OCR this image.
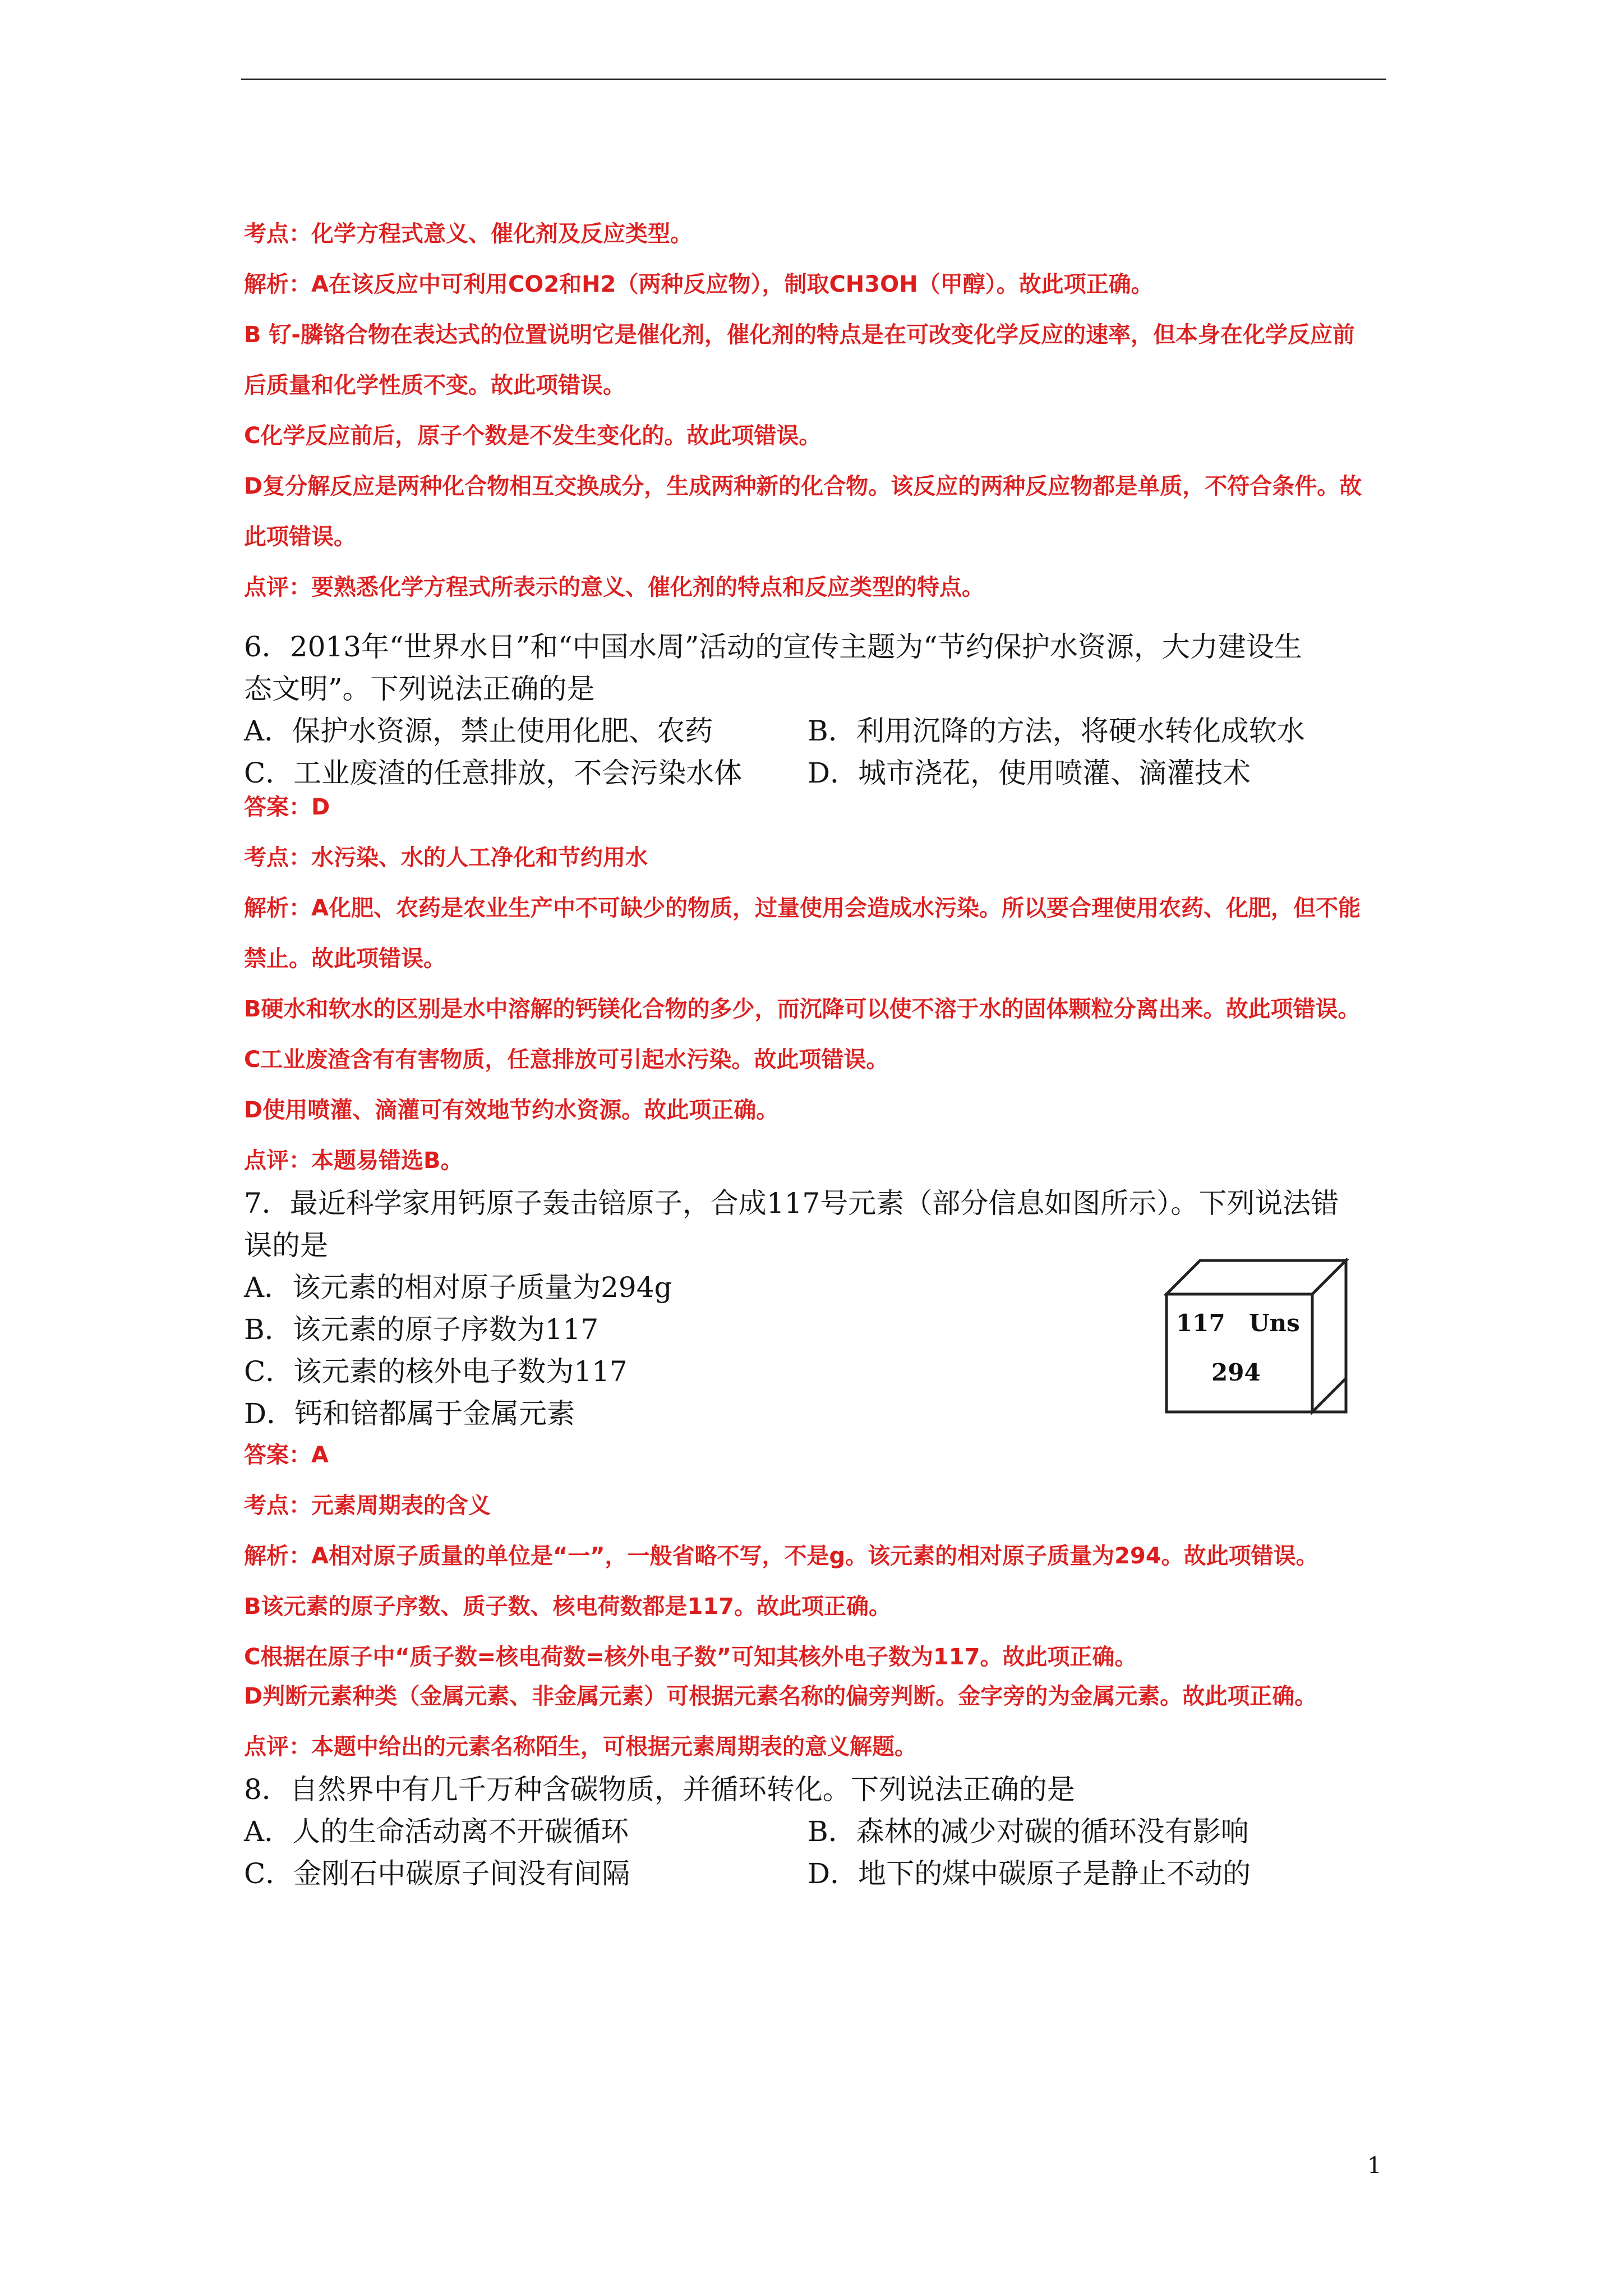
考点：化学方程式意义、催化剂及反应类型。
解析：A在该反应中可利用CO2和H2（两种反应物），制取CH3OH（甲醇）。故此项正确。
B 钌-膦铬合物在表达式的位置说明它是催化剂，催化剂的特点是在可改变化学反应的速率，但本身在化学反应前
后质量和化学性质不变。故此项错误。
C化学反应前后，原子个数是不发生变化的。故此项错误。
D复分解反应是两种化合物相互交换成分，生成两种新的化合物。该反应的两种反应物都是单质，不符合条件。故
此项错误。
点评：要熟悉化学方程式所表示的意义、催化剂的特点和反应类型的特点。
6．2013年“世界水日”和“中国水周”活动的宣传主题为“节约保护水资源，大力建设生
态文明”。下列说法正确的是
A．保护水资源，禁止使用化肥、农药	B．利用沉降的方法，将硬水转化成软水
C．工业废渣的任意排放，不会污染水体 D．城市浇花，使用喷灌、滴灌技术
答案：D
考点：水污染、水的人工净化和节约用水
解析：A化肥、农药是农业生产中不可缺少的物质，过量使用会造成水污染。所以要合理使用农药、化肥，但不能
禁止。故此项错误。
B硬水和软水的区别是水中溶解的钙镁化合物的多少，而沉降可以使不溶于水的固体颗粒分离出来。故此项错误。
C工业废渣含有有害物质，任意排放可引起水污染。故此项错误。
D使用喷灌、滴灌可有效地节约水资源。故此项正确。
点评：本题易错选B。
7．最近科学家用钙原子轰击锫原子，合成117号元素（部分信息如图所示）。下列说法错
误的是
A．该元素的相对原子质量为294g
B．该元素的原子序数为117
C．该元素的核外电子数为117
D．钙和锫都属于金属元素
117 Uns
294
答案：A
考点：元素周期表的含义
解析：A相对原子质量的单位是“一”，一般省略不写，不是g。该元素的相对原子质量为294。故此项错误。
B该元素的原子序数、质子数、核电荷数都是117。故此项正确。
C根据在原子中“质子数=核电荷数=核外电子数”可知其核外电子数为117。故此项正确。
D判断元素种类（金属元素、非金属元素）可根据元素名称的偏旁判断。金字旁的为金属元素。故此项正确。
点评：本题中给出的元素名称陌生，可根据元素周期表的意义解题。
8．自然界中有几千万种含碳物质，并循环转化。下列说法正确的是
A．人的生命活动离不开碳循环	B．森林的减少对碳的循环没有影响
C．金刚石中碳原子间没有间隔	D．地下的煤中碳原子是静止不动的
1
